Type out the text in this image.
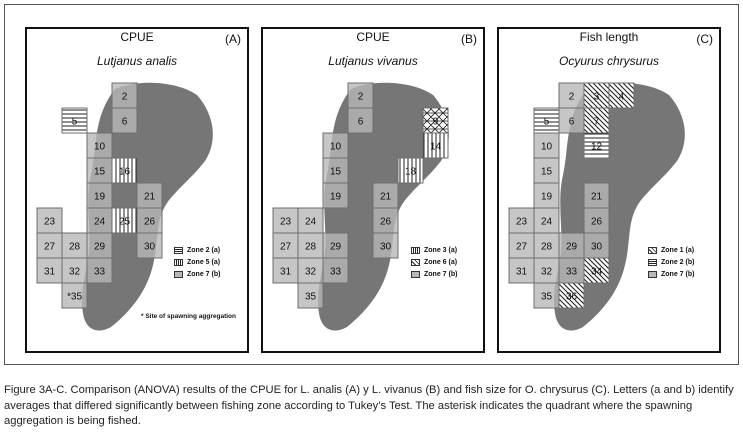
2
5	6
10
15 16
19	21
23	24 25 26
27 28 29	30
31 32 33
*35
CPUE	(A)
Lutjanus analis
Zone 2 (a)
Zone 5 (a)
Zone 7 (b)
* Site of spawning aggregation
2
6	9
10	14
15	18
19	21
23 24	26
27 28 29	30
31 32 33
35
CPUE	(B)
Lutjanus vivanus
Zone 3 (a)
Zone 6 (a)
Zone 7 (b)
2 3 4
5 6 7
10	12
15
19	21
23 24	26
27 28 29 30
31 32 33 34
35 36
Fish length	(C)
Ocyurus chrysurus
Zone 1 (a)
Zone 2 (b)
Zone 7 (b)
Figure 3A-C. Comparison (ANOVA) results of the CPUE for L. analis (A) y L. vivanus (B) and fish size for O. chrysurus (C). Letters (a and b) identify averages that differed significantly between fishing zone according to Tukey’s Test. The asterisk indicates the quadrant where the spawning aggregation is being fished.
